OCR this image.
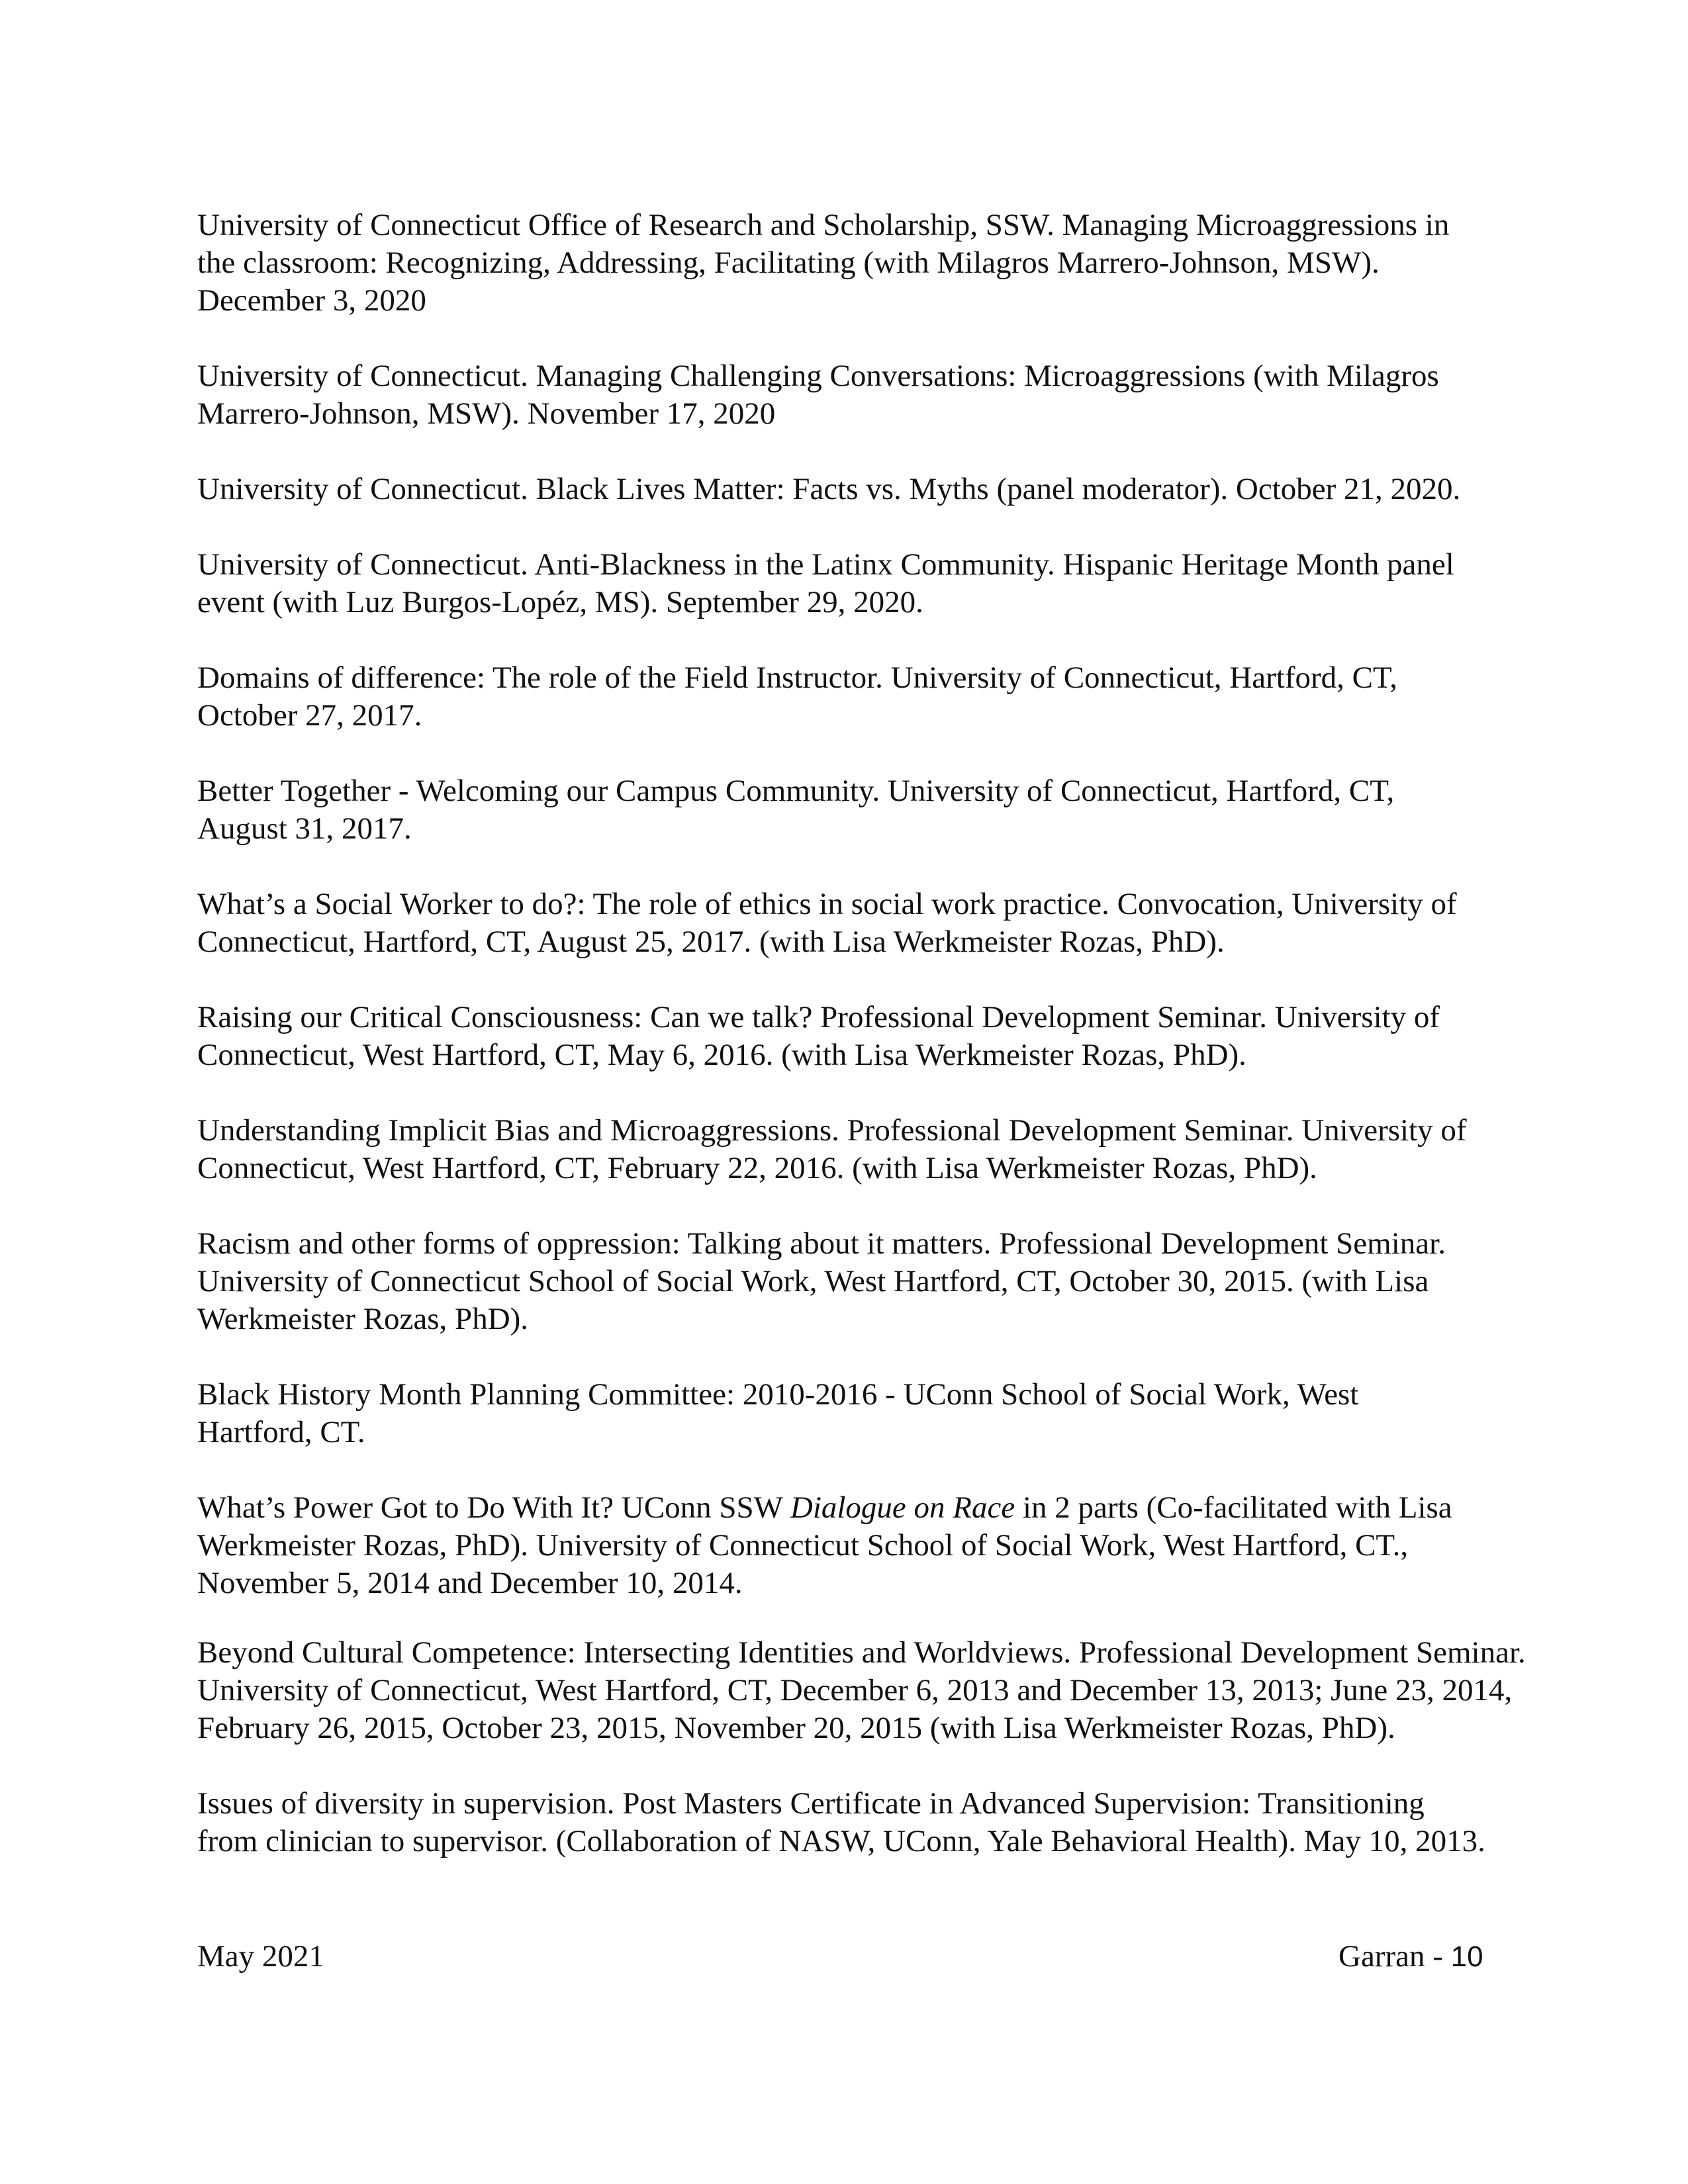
University of Connecticut Office of Research and Scholarship, SSW. Managing Microaggressions in
the classroom: Recognizing, Addressing, Facilitating (with Milagros Marrero-Johnson, MSW).
December 3, 2020
University of Connecticut. Managing Challenging Conversations: Microaggressions (with Milagros
Marrero-Johnson, MSW). November 17, 2020
University of Connecticut. Black Lives Matter: Facts vs. Myths (panel moderator). October 21, 2020.
University of Connecticut. Anti-Blackness in the Latinx Community. Hispanic Heritage Month panel
event (with Luz Burgos-Lopéz, MS). September 29, 2020.
Domains of difference: The role of the Field Instructor. University of Connecticut, Hartford, CT,
October 27, 2017.
Better Together - Welcoming our Campus Community. University of Connecticut, Hartford, CT,
August 31, 2017.
What’s a Social Worker to do?: The role of ethics in social work practice. Convocation, University of
Connecticut, Hartford, CT, August 25, 2017. (with Lisa Werkmeister Rozas, PhD).
Raising our Critical Consciousness: Can we talk? Professional Development Seminar. University of
Connecticut, West Hartford, CT, May 6, 2016. (with Lisa Werkmeister Rozas, PhD).
Understanding Implicit Bias and Microaggressions. Professional Development Seminar. University of
Connecticut, West Hartford, CT, February 22, 2016. (with Lisa Werkmeister Rozas, PhD).
Racism and other forms of oppression: Talking about it matters. Professional Development Seminar.
University of Connecticut School of Social Work, West Hartford, CT, October 30, 2015. (with Lisa
Werkmeister Rozas, PhD).
Black History Month Planning Committee: 2010-2016 - UConn School of Social Work, West
Hartford, CT.
What’s Power Got to Do With It? UConn SSW Dialogue on Race in 2 parts (Co-facilitated with Lisa
Werkmeister Rozas, PhD). University of Connecticut School of Social Work, West Hartford, CT.,
November 5, 2014 and December 10, 2014.
Beyond Cultural Competence: Intersecting Identities and Worldviews. Professional Development Seminar.
University of Connecticut, West Hartford, CT, December 6, 2013 and December 13, 2013; June 23, 2014,
February 26, 2015, October 23, 2015, November 20, 2015 (with Lisa Werkmeister Rozas, PhD).
Issues of diversity in supervision. Post Masters Certificate in Advanced Supervision: Transitioning
from clinician to supervisor. (Collaboration of NASW, UConn, Yale Behavioral Health). May 10, 2013.
May 2021	Garran - 10
